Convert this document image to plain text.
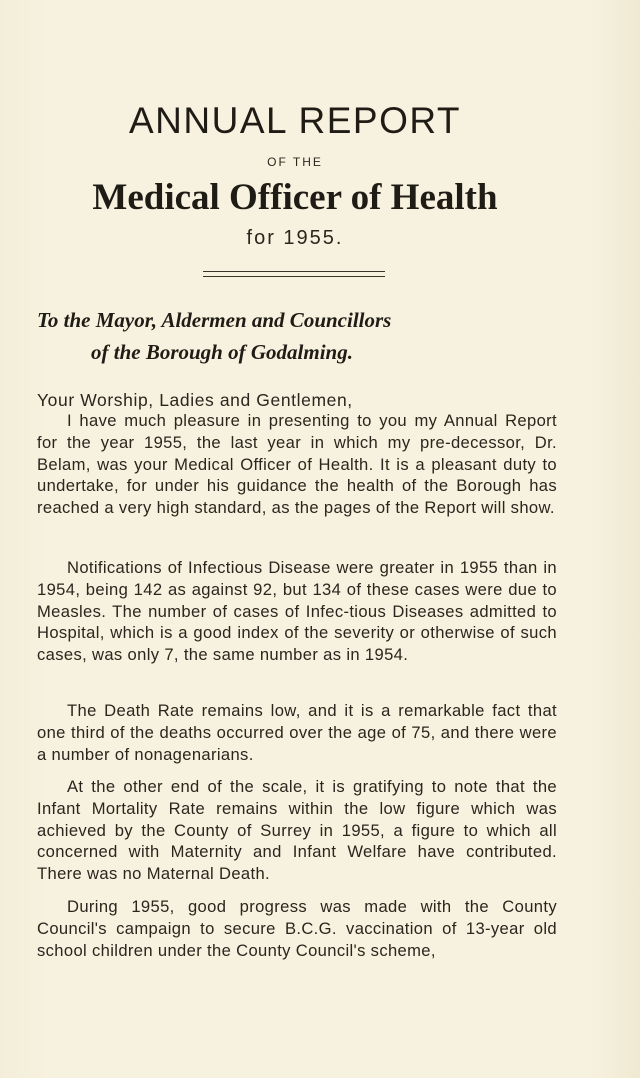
ANNUAL REPORT
OF THE
Medical Officer of Health
for 1955.
To the Mayor, Aldermen and Councillors
of the Borough of Godalming.
Your Worship, Ladies and Gentlemen,

I have much pleasure in presenting to you my Annual Report for the year 1955, the last year in which my pre-decessor, Dr. Belam, was your Medical Officer of Health. It is a pleasant duty to undertake, for under his guidance the health of the Borough has reached a very high standard, as the pages of the Report will show.

Notifications of Infectious Disease were greater in 1955 than in 1954, being 142 as against 92, but 134 of these cases were due to Measles. The number of cases of Infec-tious Diseases admitted to Hospital, which is a good index of the severity or otherwise of such cases, was only 7, the same number as in 1954.

The Death Rate remains low, and it is a remarkable fact that one third of the deaths occurred over the age of 75, and there were a number of nonagenarians.

At the other end of the scale, it is gratifying to note that the Infant Mortality Rate remains within the low figure which was achieved by the County of Surrey in 1955, a figure to which all concerned with Maternity and Infant Welfare have contributed. There was no Maternal Death.

During 1955, good progress was made with the County Council's campaign to secure B.C.G. vaccination of 13-year old school children under the County Council's scheme,
